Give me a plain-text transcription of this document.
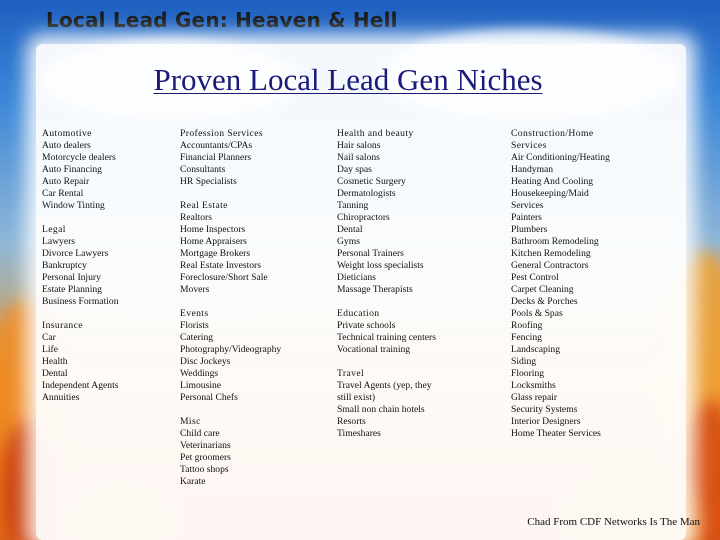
Local Lead Gen: Heaven & Hell
Proven Local Lead Gen Niches
Automotive
Auto dealers
Motorcycle dealers
Auto Financing
Auto Repair
Car Rental
Window Tinting
Legal
Lawyers
Divorce Lawyers
Bankruptcy
Personal Injury
Estate Planning
Business Formation
Insurance
Car
Life
Health
Dental
Independent Agents
Annuities
Profession Services
Accountants/CPAs
Financial Planners
Consultants
HR Specialists
Real Estate
Realtors
Home Inspectors
Home Appraisers
Mortgage Brokers
Real Estate Investors
Foreclosure/Short Sale
Movers
Events
Florists
Catering
Photography/Videography
Disc Jockeys
Weddings
Limousine
Personal Chefs
Misc
Child care
Veterinarians
Pet groomers
Tattoo shops
Karate
Health and beauty
Hair salons
Nail salons
Day spas
Cosmetic Surgery
Dermatologists
Tanning
Chiropractors
Dental
Gyms
Personal Trainers
Weight loss specialists
Dieticians
Massage Therapists
Education
Private schools
Technical training centers
Vocational training
Travel
Travel Agents (yep, they still exist)
Small non chain hotels
Resorts
Timeshares
Construction/Home Services
Air Conditioning/Heating
Handyman
Heating And Cooling
Housekeeping/Maid Services
Painters
Plumbers
Bathroom Remodeling
Kitchen Remodeling
General Contractors
Pest Control
Carpet Cleaning
Decks & Porches
Pools & Spas
Roofing
Fencing
Landscaping
Siding
Flooring
Locksmiths
Glass repair
Security Systems
Interior Designers
Home Theater Services
Chad From CDF Networks Is The Man
